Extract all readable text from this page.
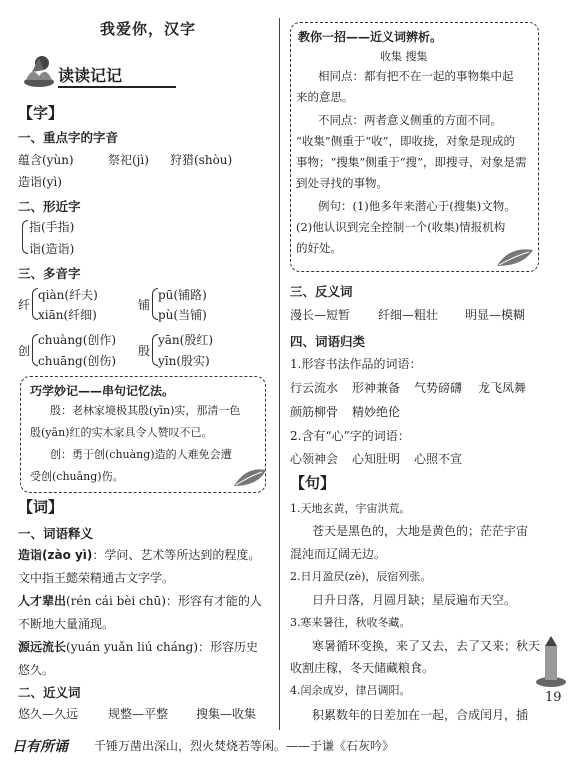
我爱你，汉字
读读记记
【字】
一、重点字的字音
蕴含(yùn)	祭祀(jì) 狩猎(shòu)
造诣(yì)
二、形近字
指(手指)
诣(造诣)
三、多音字
纤
qiàn(纤夫)
xiān(纤细)
铺
pū(铺路)
pù(当铺)
创
chuàng(创作)
chuāng(创伤)
殷
yān(殷红)
yīn(殷实)
巧学妙记——串句记忆法。
殷：老林家境极其殷(yīn)实，那清一色
殷(yān)红的实木家具令人赞叹不已。
创：勇于创(chuàng)造的人难免会遭
受创(chuāng)伤。
【词】
一、词语释义
造诣(zào yì)：学问、艺术等所达到的程度。
文中指王懿荣精通古文字学。
人才辈出(rén cái bèi chū)：形容有才能的人
不断地大量涌现。
源远流长(yuán yuǎn liú cháng)：形容历史
悠久。
二、近义词
悠久—久远 规整—平整 搜集—收集
教你一招——近义词辨析。
收集 搜集
相同点：都有把不在一起的事物集中起
来的意思。
不同点：两者意义侧重的方面不同。
“收集”侧重于“收”，即收拢，对象是现成的
事物；“搜集”侧重于“搜”，即搜寻，对象是需
到处寻找的事物。
例句：(1)他多年来潜心于(搜集)文物。
(2)他认识到完全控制一个(收集)情报机构
的好处。
三、反义词
漫长—短暂 纤细—粗壮 明显—模糊
四、词语归类
1.形容书法作品的词语：
行云流水 形神兼备 气势磅礴 龙飞凤舞
颜筋柳骨 精妙绝伦
2.含有“心”字的词语：
心领神会 心知肚明 心照不宣
【句】
1.天地玄黄，宇宙洪荒。
苍天是黑色的，大地是黄色的；茫茫宇宙
混沌而辽阔无边。
2.日月盈昃(zè)，辰宿列张。
日升日落，月圆月缺；星辰遍布天空。
3.寒来暑往，秋收冬藏。
寒暑循环变换，来了又去，去了又来；秋天
收割庄稼，冬天储藏粮食。
4.闰余成岁，律吕调阳。
积累数年的日差加在一起，合成闰月，插
19
日有所诵 千锤万凿出深山，烈火焚烧若等闲。——于谦《石灰吟》
